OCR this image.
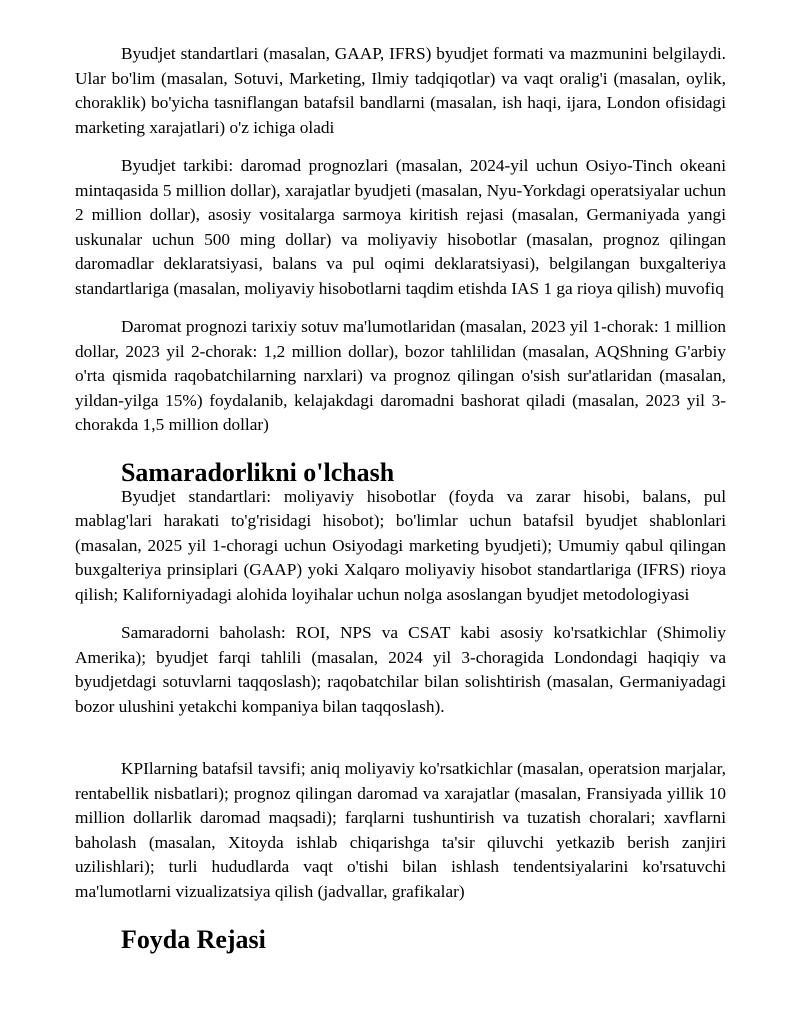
Byudjet standartlari (masalan, GAAP, IFRS) byudjet formati va mazmunini belgilaydi. Ular bo'lim (masalan, Sotuvi, Marketing, Ilmiy tadqiqotlar) va vaqt oralig'i (masalan, oylik, choraklik) bo'yicha tasniflangan batafsil bandlarni (masalan, ish haqi, ijara, London ofisidagi marketing xarajatlari) o'z ichiga oladi

Byudjet tarkibi: daromad prognozlari (masalan, 2024-yil uchun Osiyo-Tinch okeani mintaqasida 5 million dollar), xarajatlar byudjeti (masalan, Nyu-Yorkdagi operatsiyalar uchun 2 million dollar), asosiy vositalarga sarmoya kiritish rejasi (masalan, Germaniyada yangi uskunalar uchun 500 ming dollar) va moliyaviy hisobotlar (masalan, prognoz qilingan daromadlar deklaratsiyasi, balans va pul oqimi deklaratsiyasi), belgilangan buxgalteriya standartlariga (masalan, moliyaviy hisobotlarni taqdim etishda IAS 1 ga rioya qilish) muvofiq

Daromat prognozi tarixiy sotuv ma'lumotlaridan (masalan, 2023 yil 1-chorak: 1 million dollar, 2023 yil 2-chorak: 1,2 million dollar), bozor tahlilidan (masalan, AQShning G'arbiy o'rta qismida raqobatchilarning narxlari) va prognoz qilingan o'sish sur'atlaridan (masalan, yildan-yilga 15%) foydalanib, kelajakdagi daromadni bashorat qiladi (masalan, 2023 yil 3-chorakda 1,5 million dollar)

Samaradorlikni o'lchash

Byudjet standartlari: moliyaviy hisobotlar (foyda va zarar hisobi, balans, pul mablag'lari harakati to'g'risidagi hisobot); bo'limlar uchun batafsil byudjet shablonlari (masalan, 2025 yil 1-choragi uchun Osiyodagi marketing byudjeti); Umumiy qabul qilingan buxgalteriya prinsiplari (GAAP) yoki Xalqaro moliyaviy hisobot standartlariga (IFRS) rioya qilish; Kaliforniyadagi alohida loyihalar uchun nolga asoslangan byudjet metodologiyasi

Samaradorni baholash: ROI, NPS va CSAT kabi asosiy ko'rsatkichlar (Shimoliy Amerika); byudjet farqi tahlili (masalan, 2024 yil 3-choragida Londondagi haqiqiy va byudjetdagi sotuvlarni taqqoslash); raqobatchilar bilan solishtirish (masalan, Germaniyadagi bozor ulushini yetakchi kompaniya bilan taqqoslash).

KPIlarning batafsil tavsifi; aniq moliyaviy ko'rsatkichlar (masalan, operatsion marjalar, rentabellik nisbatlari); prognoz qilingan daromad va xarajatlar (masalan, Fransiyada yillik 10 million dollarlik daromad maqsadi); farqlarni tushuntirish va tuzatish choralari; xavflarni baholash (masalan, Xitoyda ishlab chiqarishga ta'sir qiluvchi yetkazib berish zanjiri uzilishlari); turli hududlarda vaqt o'tishi bilan ishlash tendentsiyalarini ko'rsatuvchi ma'lumotlarni vizualizatsiya qilish (jadvallar, grafikalar)

Foyda Rejasi
